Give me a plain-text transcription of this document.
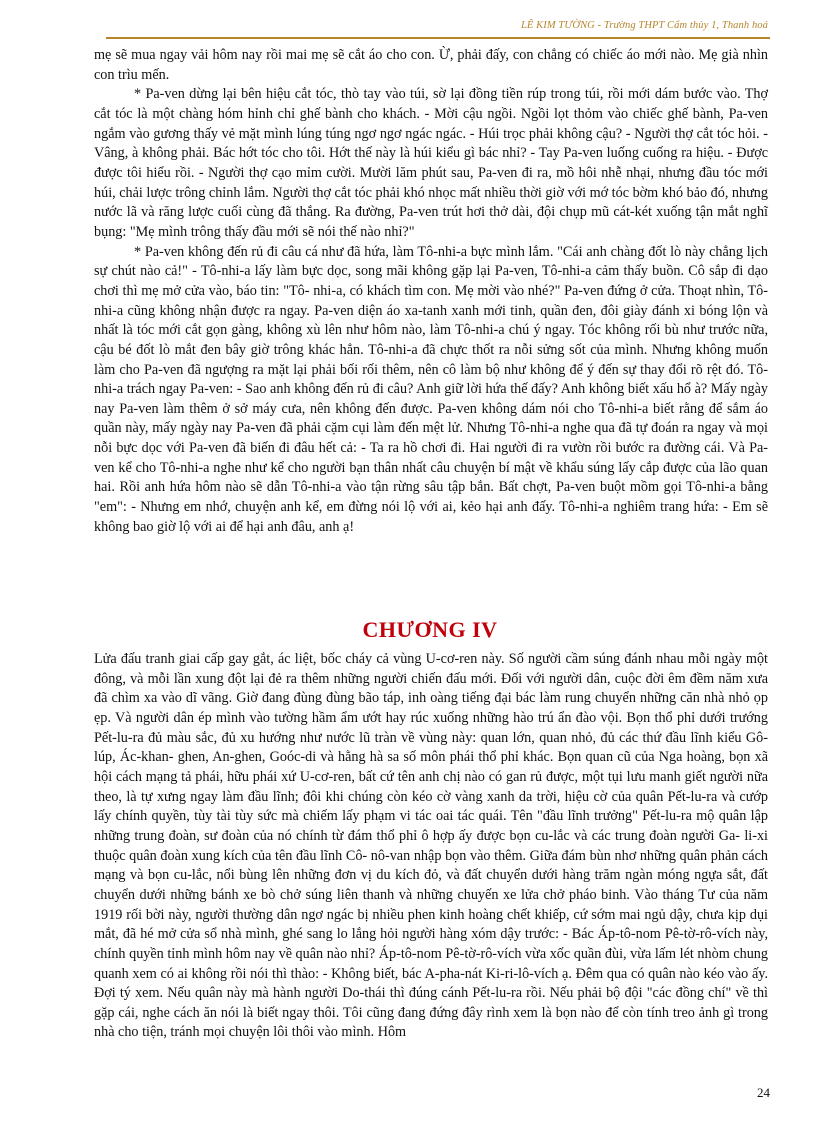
LÊ KIM TƯỜNG - Trường THPT Cẩm thủy 1, Thanh hoá

mẹ sẽ mua ngay vải hôm nay rồi mai mẹ sẽ cắt áo cho con. Ừ, phải đấy, con chẳng có chiếc áo mới nào. Mẹ già nhìn con trìu mến.

* Pa-ven dừng lại bên hiệu cắt tóc, thò tay vào túi, sờ lại đồng tiền rúp trong túi, rồi mới dám bước vào. Thợ cắt tóc là một chàng hóm hỉnh chỉ ghế bành cho khách. - Mời cậu ngồi. Ngồi lọt thỏm vào chiếc ghế bành, Pa-ven ngắm vào gương thấy vẻ mặt mình lúng túng ngơ ngơ ngác ngác. - Húi trọc phải không cậu? - Người thợ cắt tóc hỏi. - Vâng, à không phải. Bác hớt tóc cho tôi. Hớt thế này là húi kiểu gì bác nhỉ? - Tay Pa-ven luống cuống ra hiệu. - Được được tôi hiểu rồi. - Người thợ cạo mỉm cười. Mười lăm phút sau, Pa-ven đi ra, mồ hôi nhễ nhại, nhưng đầu tóc mới húi, chải lược trông chỉnh lắm. Người thợ cắt tóc phải khó nhọc mất nhiều thời giờ với mớ tóc bờm khó bảo đó, nhưng nước lã và răng lược cuối cùng đã thắng. Ra đường, Pa-ven trút hơi thở dài, đội chụp mũ cát-két xuống tận mắt nghĩ bụng: "Mẹ mình trông thấy đầu mới sẽ nói thế nào nhỉ?"

* Pa-ven không đến rủ đi câu cá như đã hứa, làm Tô-nhi-a bực mình lắm. "Cái anh chàng đốt lò này chẳng lịch sự chút nào cả!" - Tô-nhi-a lấy làm bực dọc, song mãi không gặp lại Pa-ven, Tô-nhi-a cảm thấy buồn. Cô sắp đi dạo chơi thì mẹ mở cửa vào, báo tin: "Tô- nhi-a, có khách tìm con. Mẹ mời vào nhé?" Pa-ven đứng ở cửa. Thoạt nhìn, Tô-nhi-a cũng không nhận được ra ngay. Pa-ven diện áo xa-tanh xanh mới tinh, quần đen, đôi giày đánh xi bóng lộn và nhất là tóc mới cắt gọn gàng, không xù lên như hôm nào, làm Tô-nhi-a chú ý ngay. Tóc không rối bù như trước nữa, cậu bé đốt lò mắt đen bây giờ trông khác hẳn. Tô-nhi-a đã chực thốt ra nỗi sửng sốt của mình. Nhưng không muốn làm cho Pa-ven đã ngượng ra mặt lại phải bối rối thêm, nên cô làm bộ như không để ý đến sự thay đổi rõ rệt đó. Tô-nhi-a trách ngay Pa-ven: - Sao anh không đến rủ đi câu? Anh giữ lời hứa thế đấy? Anh không biết xấu hổ à? Mấy ngày nay Pa-ven làm thêm ở sở máy cưa, nên không đến được. Pa-ven không dám nói cho Tô-nhi-a biết rằng để sắm áo quần này, mấy ngày nay Pa-ven đã phải cặm cụi làm đến mệt lử. Nhưng Tô-nhi-a nghe qua đã tự đoán ra ngay và mọi nỗi bực dọc với Pa-ven đã biến đi đâu hết cả: - Ta ra hồ chơi đi. Hai người đi ra vườn rồi bước ra đường cái. Và Pa-ven kể cho Tô-nhi-a nghe như kể cho người bạn thân nhất câu chuyện bí mật về khẩu súng lấy cắp được của lão quan hai. Rồi anh hứa hôm nào sẽ dẫn Tô-nhi-a vào tận rừng sâu tập bắn. Bất chợt, Pa-ven buột mồm gọi Tô-nhi-a bằng "em": - Nhưng em nhớ, chuyện anh kể, em đừng nói lộ với ai, kẻo hại anh đấy. Tô-nhi-a nghiêm trang hứa: - Em sẽ không bao giờ lộ với ai để hại anh đâu, anh ạ!

CHƯƠNG IV

Lửa đấu tranh giai cấp gay gắt, ác liệt, bốc cháy cả vùng U-cơ-ren này. Số người cầm súng đánh nhau mỗi ngày một đông, và mỗi lần xung đột lại đẻ ra thêm những người chiến đấu mới. Đối với người dân, cuộc đời êm đềm năm xưa đã chìm xa vào dĩ vãng. Giờ đang đùng đùng bão táp, inh oàng tiếng đại bác làm rung chuyển những căn nhà nhỏ ọp ẹp. Và người dân ép mình vào tường hầm ẩm ướt hay rúc xuống những hào trú ẩn đào vội. Bọn thổ phỉ dưới trướng Pết-lu-ra đủ màu sắc, đủ xu hướng như nước lũ tràn về vùng này: quan lớn, quan nhỏ, đủ các thứ đầu lĩnh kiểu Gô-lúp, Ác-khan- ghen, An-ghen, Goóc-di và hằng hà sa số môn phái thổ phỉ khác. Bọn quan cũ của Nga hoàng, bọn xã hội cách mạng tả phái, hữu phái xứ U-cơ-ren, bất cứ tên anh chị nào có gan rủ được, một tụi lưu manh giết người nữa theo, là tự xưng ngay làm đầu lĩnh; đôi khi chúng còn kéo cờ vàng xanh da trời, hiệu cờ của quân Pết-lu-ra và cướp lấy chính quyền, tùy tài tùy sức mà chiếm lấy phạm vi tác oai tác quái. Tên "đầu lĩnh trưởng" Pết-lu-ra mộ quân lập những trung đoàn, sư đoàn của nó chính từ đám thổ phỉ ô hợp ấy được bọn cu-lắc và các trung đoàn người Ga- li-xi thuộc quân đoàn xung kích của tên đầu lĩnh Cô- nô-van nhập bọn vào thêm. Giữa đám bùn nhơ những quân phản cách mạng và bọn cu-lắc, nổi bùng lên những đơn vị du kích đỏ, và đất chuyển dưới hàng trăm ngàn móng ngựa sắt, đất chuyển dưới những bánh xe bò chở súng liên thanh và những chuyến xe lửa chở pháo binh. Vào tháng Tư của năm 1919 rối bời này, người thường dân ngơ ngác bị nhiều phen kinh hoàng chết khiếp, cứ sớm mai ngủ dậy, chưa kịp dụi mắt, đã hé mở cửa sổ nhà mình, ghé sang lo lắng hỏi người hàng xóm dậy trước: - Bác Áp-tô-nom Pê-tờ-rô-vích này, chính quyền tỉnh mình hôm nay về quân nào nhỉ? Áp-tô-nom Pê-tờ-rô-vích vừa xốc quần đùi, vừa lấm lét nhòm chung quanh xem có ai không rồi nói thì thào: - Không biết, bác A-pha-nát Ki-ri-lô-vích ạ. Đêm qua có quân nào kéo vào ấy. Đợi tý xem. Nếu quân này mà hành người Do-thái thì đúng cánh Pết-lu-ra rồi. Nếu phải bộ đội "các đồng chí" về thì gặp cái, nghe cách ăn nói là biết ngay thôi. Tôi cũng đang đứng đây rình xem là bọn nào để còn tính treo ảnh gì trong nhà cho tiện, tránh mọi chuyện lôi thôi vào mình. Hôm

24
